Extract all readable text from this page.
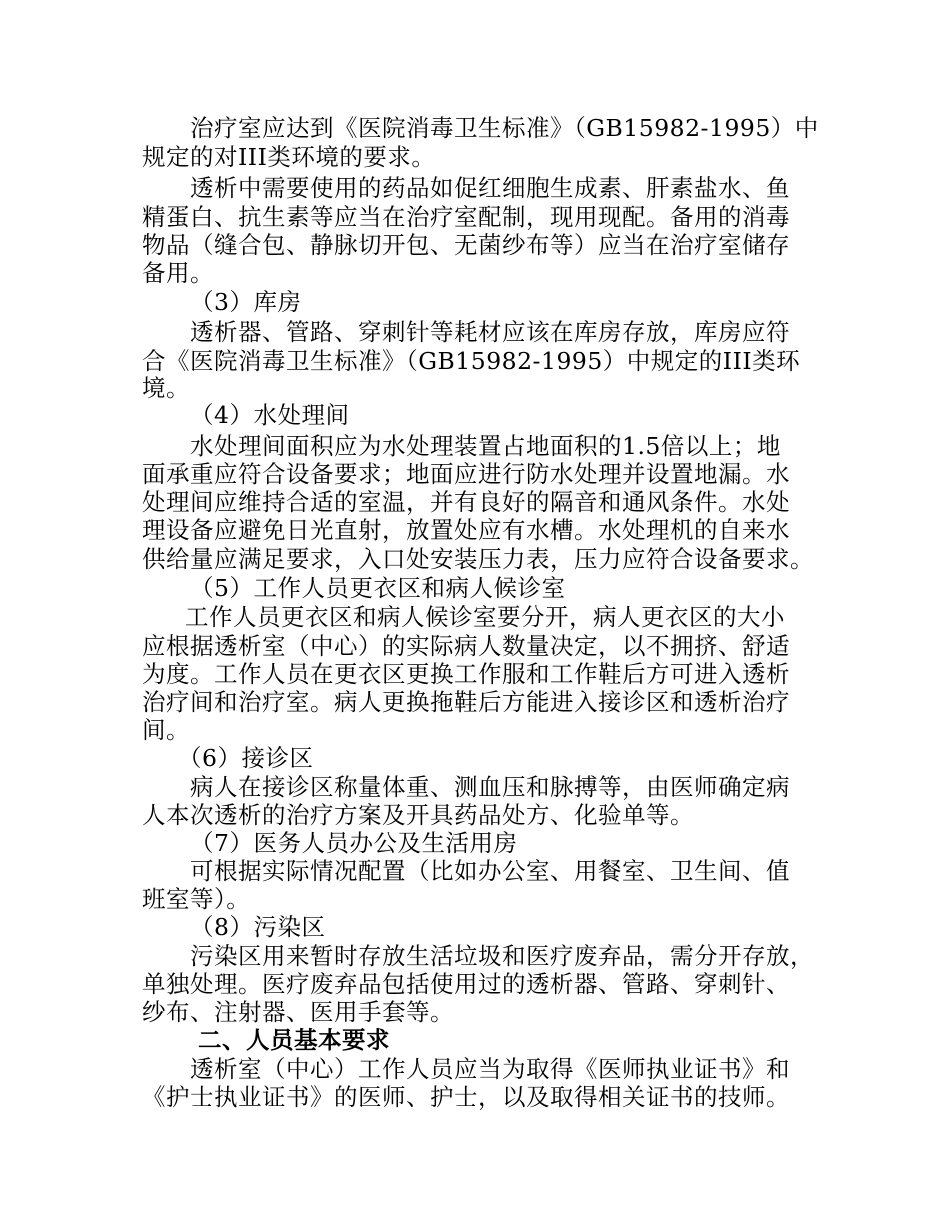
治疗室应达到《医院消毒卫生标准》（GB15982-1995）中
规定的对III类环境的要求。
透析中需要使用的药品如促红细胞生成素、肝素盐水、鱼
精蛋白、抗生素等应当在治疗室配制，现用现配。备用的消毒
物品（缝合包、静脉切开包、无菌纱布等）应当在治疗室储存
备用。
（3）库房
透析器、管路、穿刺针等耗材应该在库房存放，库房应符
合《医院消毒卫生标准》（GB15982-1995）中规定的III类环
境。
（4）水处理间
水处理间面积应为水处理装置占地面积的1.5倍以上；地
面承重应符合设备要求；地面应进行防水处理并设置地漏。水
处理间应维持合适的室温，并有良好的隔音和通风条件。水处
理设备应避免日光直射，放置处应有水槽。水处理机的自来水
供给量应满足要求，入口处安装压力表，压力应符合设备要求。
（5）工作人员更衣区和病人候诊室
工作人员更衣区和病人候诊室要分开，病人更衣区的大小
应根据透析室（中心）的实际病人数量决定，以不拥挤、舒适
为度。工作人员在更衣区更换工作服和工作鞋后方可进入透析
治疗间和治疗室。病人更换拖鞋后方能进入接诊区和透析治疗
间。
（6）接诊区
病人在接诊区称量体重、测血压和脉搏等，由医师确定病
人本次透析的治疗方案及开具药品处方、化验单等。
（7）医务人员办公及生活用房
可根据实际情况配置（比如办公室、用餐室、卫生间、值
班室等）。
（8）污染区
污染区用来暂时存放生活垃圾和医疗废弃品，需分开存放，
单独处理。医疗废弃品包括使用过的透析器、管路、穿刺针、
纱布、注射器、医用手套等。
二、人员基本要求
透析室（中心）工作人员应当为取得《医师执业证书》和
《护士执业证书》的医师、护士，以及取得相关证书的技师。
